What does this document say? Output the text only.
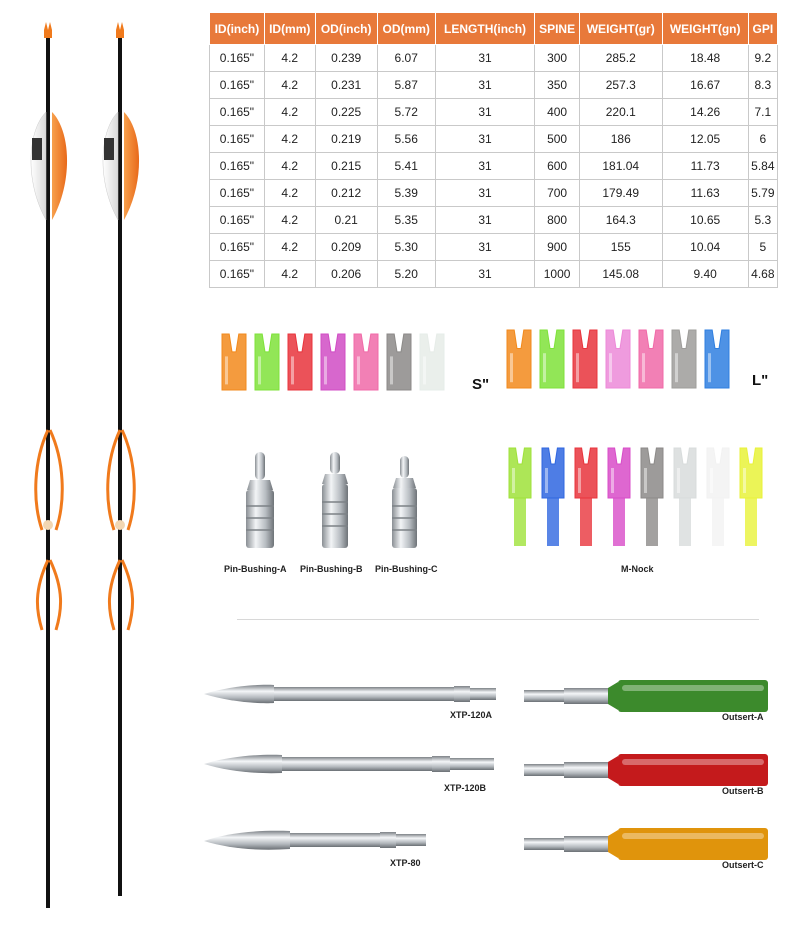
ID(inch)	ID(mm)	OD(inch)	OD(mm)	LENGTH(inch)	SPINE	WEIGHT(gr)	WEIGHT(gn)	GPI
0.165"	4.2	0.239	6.07	31	300	285.2	18.48	9.2
0.165"	4.2	0.231	5.87	31	350	257.3	16.67	8.3
0.165"	4.2	0.225	5.72	31	400	220.1	14.26	7.1
0.165"	4.2	0.219	5.56	31	500	186	12.05	6
0.165"	4.2	0.215	5.41	31	600	181.04	11.73	5.84
0.165"	4.2	0.212	5.39	31	700	179.49	11.63	5.79
0.165"	4.2	0.21	5.35	31	800	164.3	10.65	5.3
0.165"	4.2	0.209	5.30	31	900	155	10.04	5
0.165"	4.2	0.206	5.20	31	1000	145.08	9.40	4.68
S"	L"
Pin-Bushing-A Pin-Bushing-B Pin-Bushing-C	M-Nock
XTP-120A
XTP-120B
XTP-80
Outsert-A
Outsert-B
Outsert-C
